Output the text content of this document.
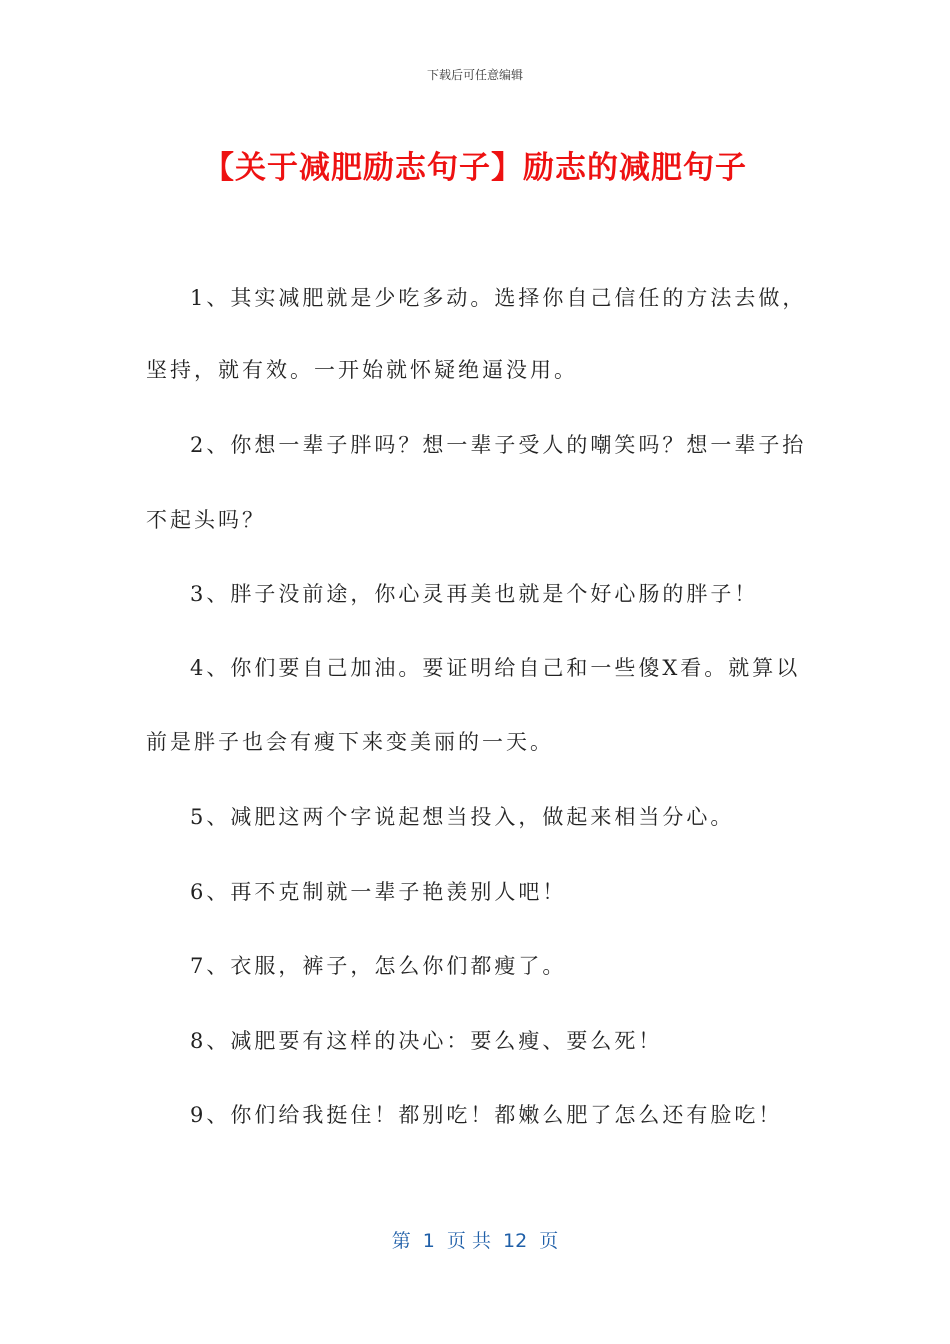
下载后可任意编辑
【关于减肥励志句子】励志的减肥句子
1、其实减肥就是少吃多动。选择你自己信任的方法去做，
坚持，就有效。一开始就怀疑绝逼没用。
2、你想一辈子胖吗？想一辈子受人的嘲笑吗？想一辈子抬
不起头吗？
3、胖子没前途，你心灵再美也就是个好心肠的胖子！
4、你们要自己加油。要证明给自己和一些傻X看。就算以
前是胖子也会有瘦下来变美丽的一天。
5、减肥这两个字说起想当投入，做起来相当分心。
6、再不克制就一辈子艳羡别人吧！
7、衣服，裤子，怎么你们都瘦了。
8、减肥要有这样的决心：要么瘦、要么死！
9、你们给我挺住！都别吃！都嫩么肥了怎么还有脸吃！
第  1  页 共  12  页
